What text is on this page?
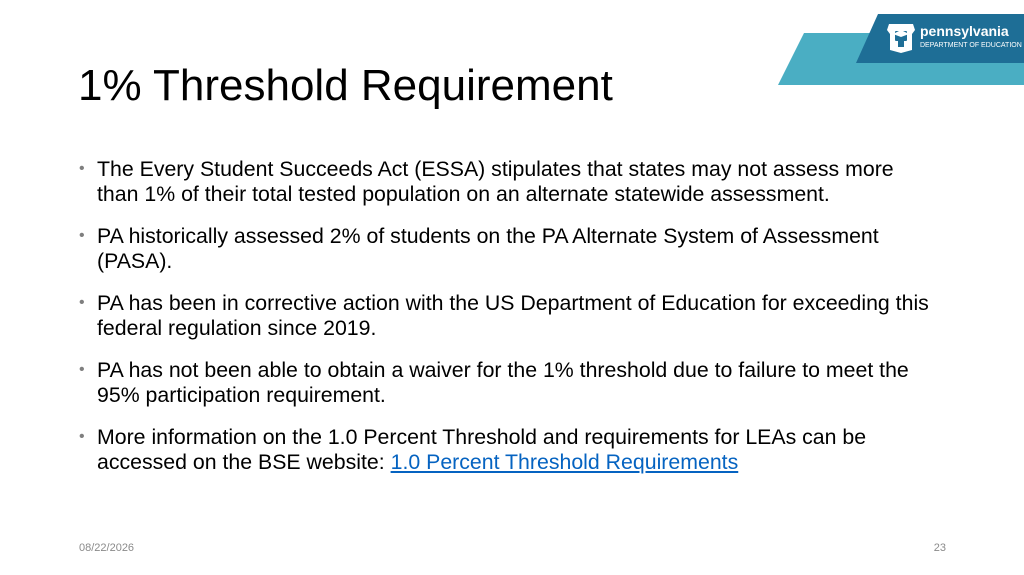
pennsylvania
DEPARTMENT OF EDUCATION
1% Threshold Requirement
• The Every Student Succeeds Act (ESSA) stipulates that states may not assess more than 1% of their total tested population on an alternate statewide assessment.
• PA historically assessed 2% of students on the PA Alternate System of Assessment (PASA).
• PA has been in corrective action with the US Department of Education for exceeding this federal regulation since 2019.
• PA has not been able to obtain a waiver for the 1% threshold due to failure to meet the 95% participation requirement.
• More information on the 1.0 Percent Threshold and requirements for LEAs can be accessed on the BSE website: 1.0 Percent Threshold Requirements
08/22/2026	23
